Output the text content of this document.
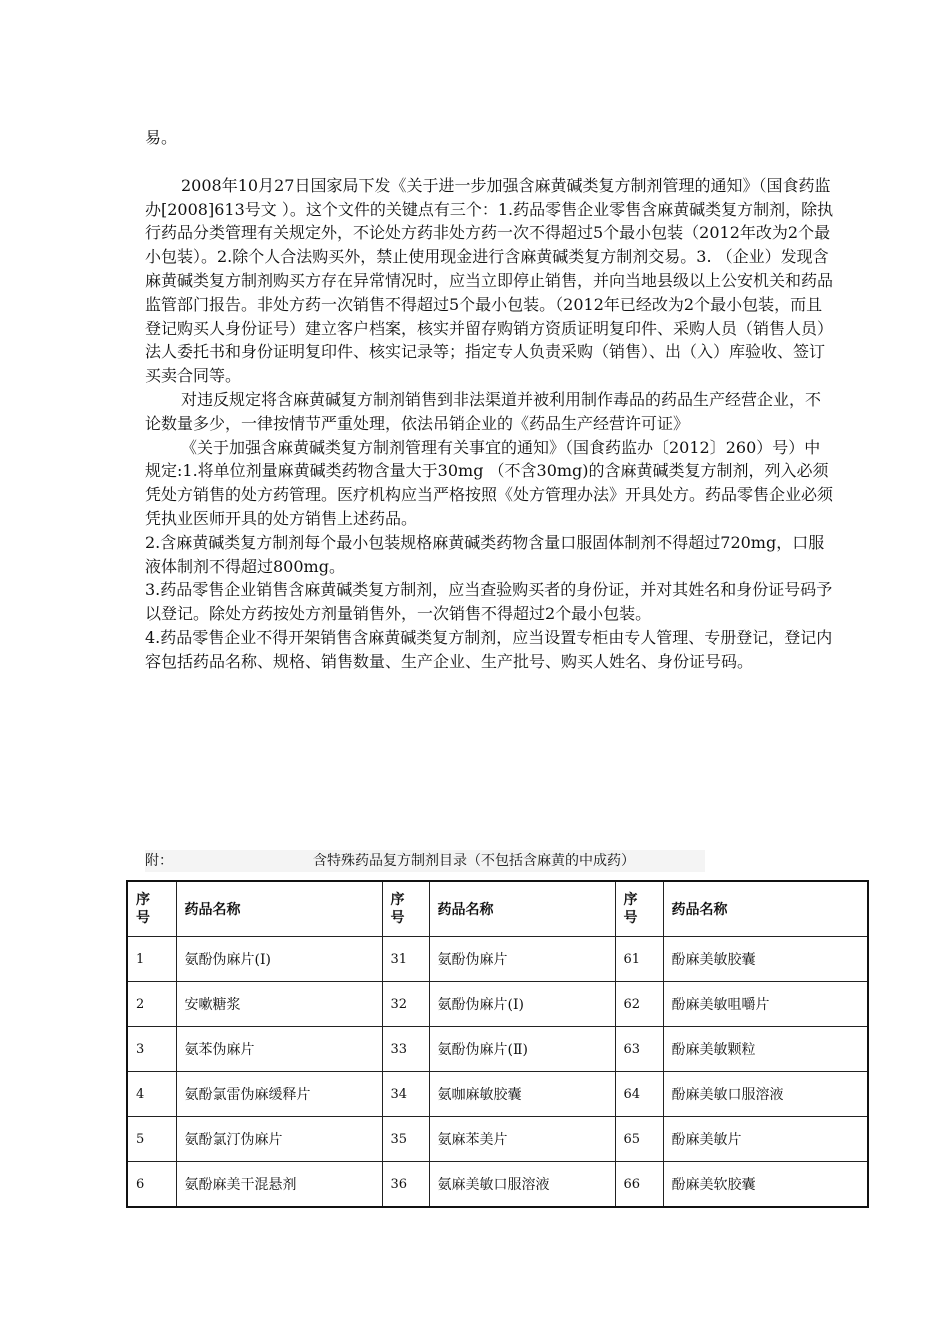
易。

2008年10月27日国家局下发《关于进一步加强含麻黄碱类复方制剂管理的通知》（国食药监办[2008]613号文 ）。这个文件的关键点有三个：1.药品零售企业零售含麻黄碱类复方制剂，除执行药品分类管理有关规定外，不论处方药非处方药一次不得超过5个最小包装（2012年改为2个最小包装）。2.除个人合法购买外，禁止使用现金进行含麻黄碱类复方制剂交易。3. （企业）发现含麻黄碱类复方制剂购买方存在异常情况时，应当立即停止销售，并向当地县级以上公安机关和药品监管部门报告。非处方药一次销售不得超过5个最小包装。（2012年已经改为2个最小包装，而且登记购买人身份证号）建立客户档案，核实并留存购销方资质证明复印件、采购人员（销售人员）法人委托书和身份证明复印件、核实记录等；指定专人负责采购（销售）、出（入）库验收、签订买卖合同等。

对违反规定将含麻黄碱复方制剂销售到非法渠道并被利用制作毒品的药品生产经营企业，不论数量多少，一律按情节严重处理，依法吊销企业的《药品生产经营许可证》

《关于加强含麻黄碱类复方制剂管理有关事宜的通知》（国食药监办〔2012〕260）号）中规定:1.将单位剂量麻黄碱类药物含量大于30mg （不含30mg)的含麻黄碱类复方制剂，列入必须凭处方销售的处方药管理。医疗机构应当严格按照《处方管理办法》开具处方。药品零售企业必须凭执业医师开具的处方销售上述药品。

2.含麻黄碱类复方制剂每个最小包装规格麻黄碱类药物含量口服固体制剂不得超过720mg，口服液体制剂不得超过800mg。

3.药品零售企业销售含麻黄碱类复方制剂，应当查验购买者的身份证，并对其姓名和身份证号码予以登记。除处方药按处方剂量销售外，一次销售不得超过2个最小包装。

4.药品零售企业不得开架销售含麻黄碱类复方制剂，应当设置专柜由专人管理、专册登记，登记内容包括药品名称、规格、销售数量、生产企业、生产批号、购买人姓名、身份证号码。

附：	含特殊药品复方制剂目录（不包括含麻黄的中成药）
序
号	药品名称	序
号	药品名称	序
号	药品名称
1	氨酚伪麻片(Ⅰ)	31	氨酚伪麻片	61	酚麻美敏胶囊
2	安嗽糖浆	32	氨酚伪麻片(Ⅰ)	62	酚麻美敏咀嚼片
3	氨苯伪麻片	33	氨酚伪麻片(Ⅱ)	63	酚麻美敏颗粒
4	氨酚氯雷伪麻缓释片	34	氨咖麻敏胶囊	64	酚麻美敏口服溶液
5	氨酚氯汀伪麻片	35	氨麻苯美片	65	酚麻美敏片
6	氨酚麻美干混悬剂	36	氨麻美敏口服溶液	66	酚麻美软胶囊
